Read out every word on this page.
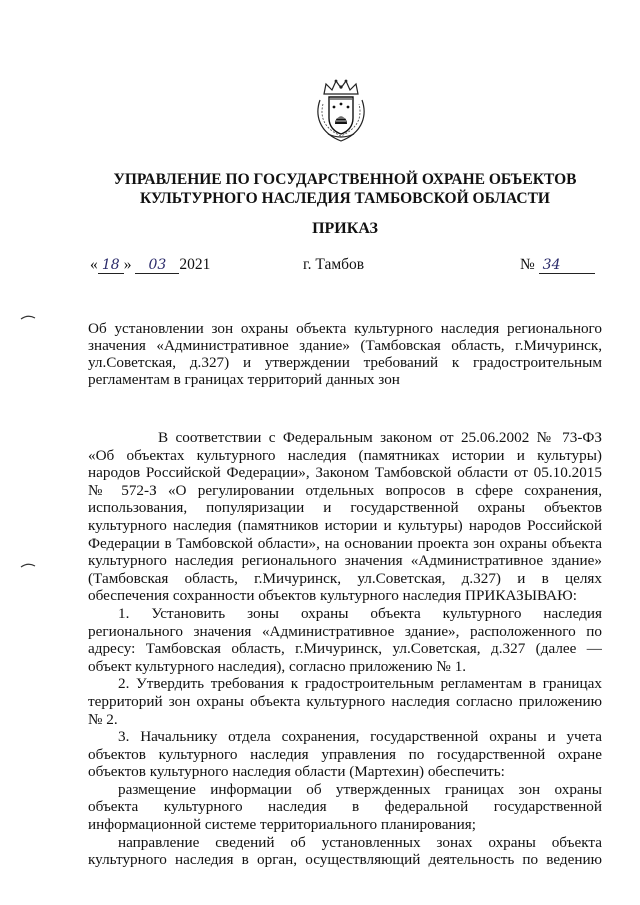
УПРАВЛЕНИЕ ПО ГОСУДАРСТВЕННОЙ ОХРАНЕ ОБЪЕКТОВ
КУЛЬТУРНОГО НАСЛЕДИЯ ТАМБОВСКОЙ ОБЛАСТИ
ПРИКАЗ
« 18 » 03 2021	г. Тамбов	№ 34
Об установлении зон охраны объекта культурного наследия регионального
значения «Административное здание» (Тамбовская область, г.Мичуринск,
ул.Советская, д.327) и утверждении требований к градостроительным
регламентам в границах территорий данных зон
В соответствии с Федеральным законом от 25.06.2002 № 73-ФЗ
«Об объектах культурного наследия (памятниках истории и культуры)
народов Российской Федерации», Законом Тамбовской области от 05.10.2015
№ 572-З «О регулировании отдельных вопросов в сфере сохранения,
использования, популяризации и государственной охраны объектов
культурного наследия (памятников истории и культуры) народов Российской
Федерации в Тамбовской области», на основании проекта зон охраны объекта
культурного наследия регионального значения «Административное здание»
(Тамбовская область, г.Мичуринск, ул.Советская, д.327) и в целях
обеспечения сохранности объектов культурного наследия ПРИКАЗЫВАЮ:
1. Установить зоны охраны объекта культурного наследия
регионального значения «Административное здание», расположенного по
адресу: Тамбовская область, г.Мичуринск, ул.Советская, д.327 (далее —
объект культурного наследия), согласно приложению № 1.
2. Утвердить требования к градостроительным регламентам в границах
территорий зон охраны объекта культурного наследия согласно приложению
№ 2.
3. Начальнику отдела сохранения, государственной охраны и учета
объектов культурного наследия управления по государственной охране
объектов культурного наследия области (Мартехин) обеспечить:
размещение информации об утвержденных границах зон охраны
объекта культурного наследия в федеральной государственной
информационной системе территориального планирования;
направление сведений об установленных зонах охраны объекта
культурного наследия в орган, осуществляющий деятельность по ведению
